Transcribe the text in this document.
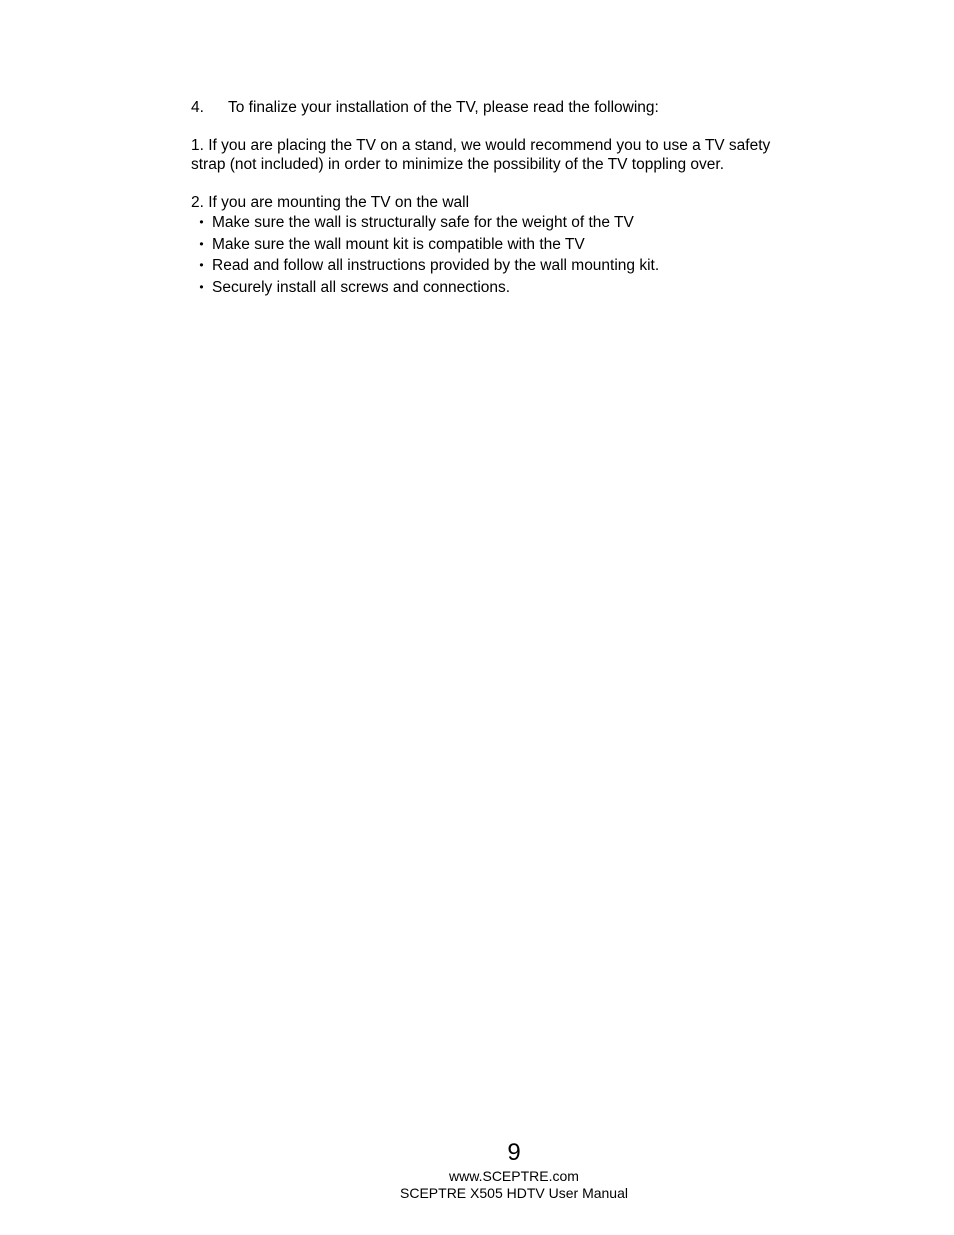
4.	To finalize your installation of the TV, please read the following:
1. If you are placing the TV on a stand, we would recommend you to use a TV safety
strap (not included) in order to minimize the possibility of the TV toppling over.
2. If you are mounting the TV on the wall
• Make sure the wall is structurally safe for the weight of the TV
• Make sure the wall mount kit is compatible with the TV
• Read and follow all instructions provided by the wall mounting kit.
• Securely install all screws and connections.
9
www.SCEPTRE.com
SCEPTRE X505 HDTV User Manual
